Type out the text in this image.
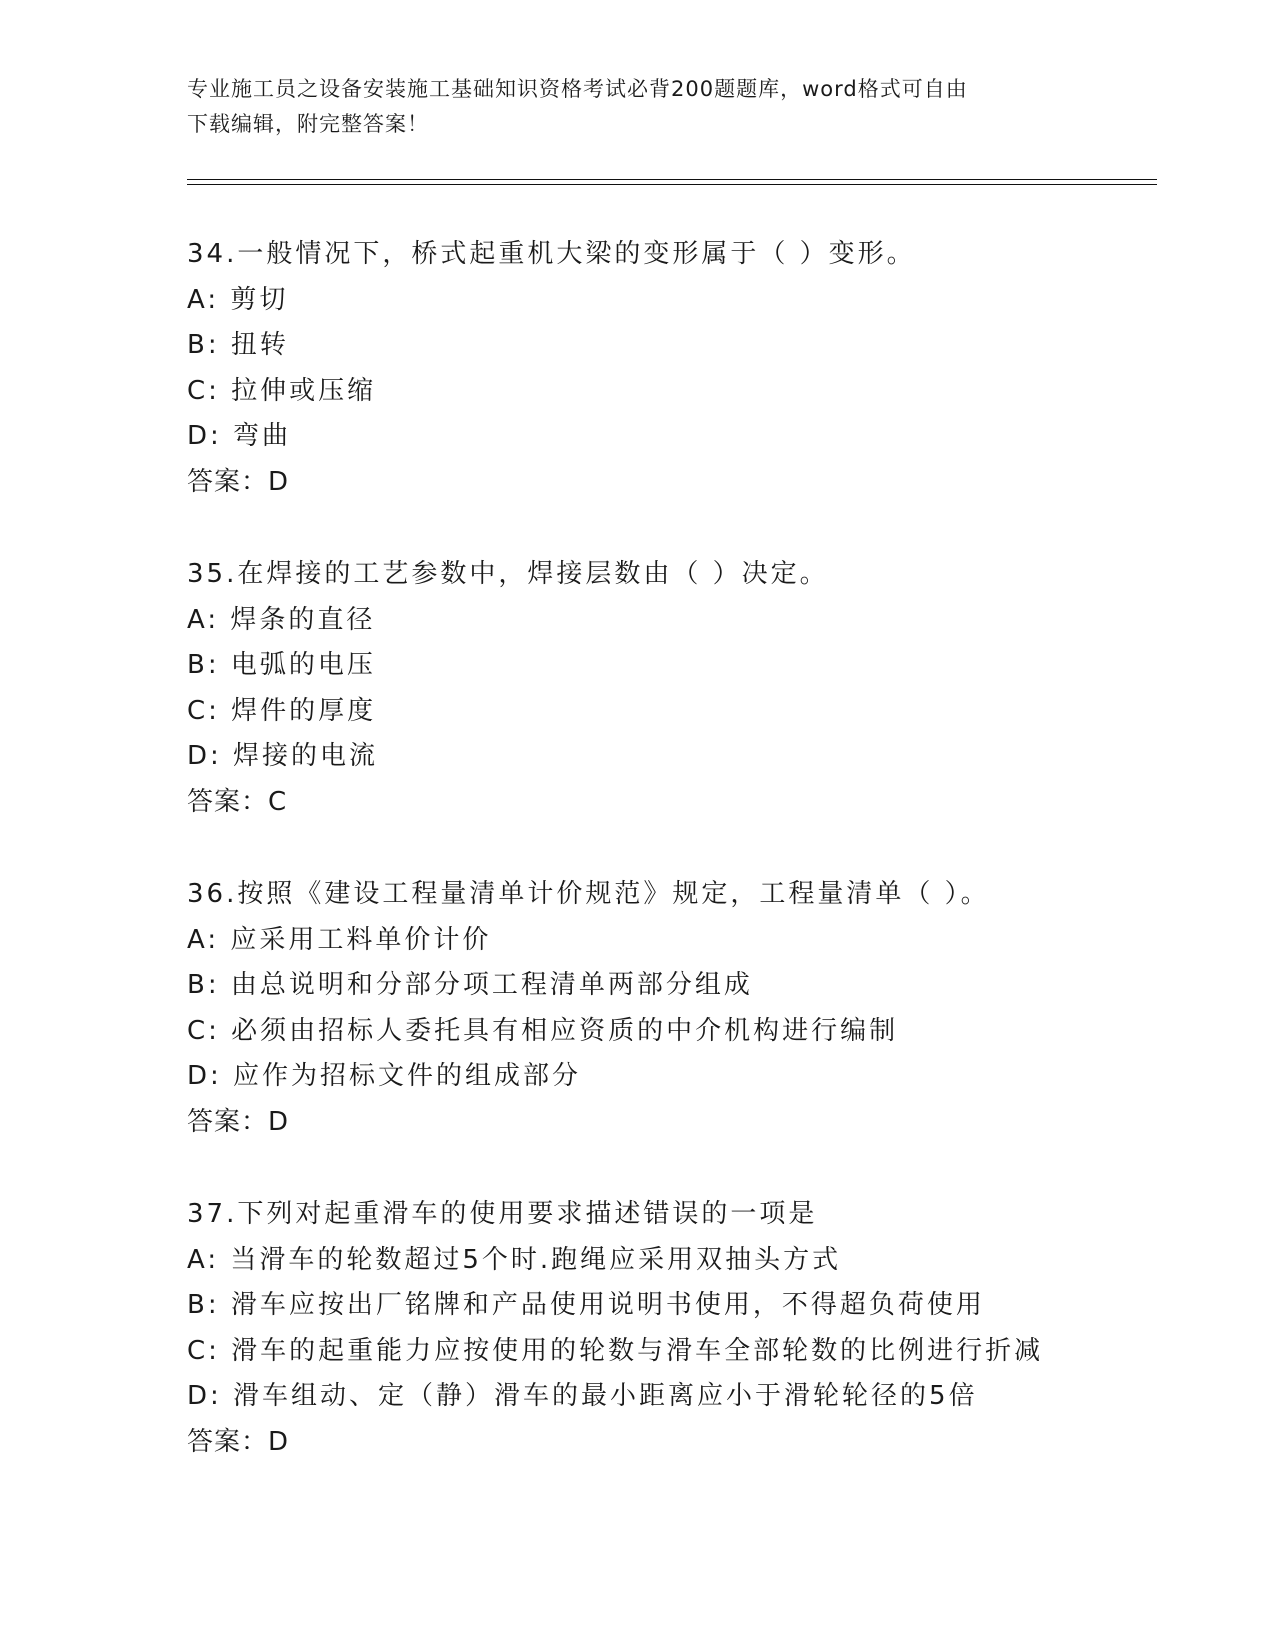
专业施工员之设备安装施工基础知识资格考试必背200题题库，word格式可自由
下载编辑，附完整答案！
34.一般情况下，桥式起重机大梁的变形属于（ ）变形。
A: 剪切
B: 扭转
C: 拉伸或压缩
D: 弯曲
答案：D
35.在焊接的工艺参数中，焊接层数由（ ）决定。
A: 焊条的直径
B: 电弧的电压
C: 焊件的厚度
D: 焊接的电流
答案：C
36.按照《建设工程量清单计价规范》规定，工程量清单（ ）。
A: 应采用工料单价计价
B: 由总说明和分部分项工程清单两部分组成
C: 必须由招标人委托具有相应资质的中介机构进行编制
D: 应作为招标文件的组成部分
答案：D
37.下列对起重滑车的使用要求描述错误的一项是
A: 当滑车的轮数超过5个时.跑绳应采用双抽头方式
B: 滑车应按出厂铭牌和产品使用说明书使用，不得超负荷使用
C: 滑车的起重能力应按使用的轮数与滑车全部轮数的比例进行折减
D: 滑车组动、定（静）滑车的最小距离应小于滑轮轮径的5倍
答案：D
